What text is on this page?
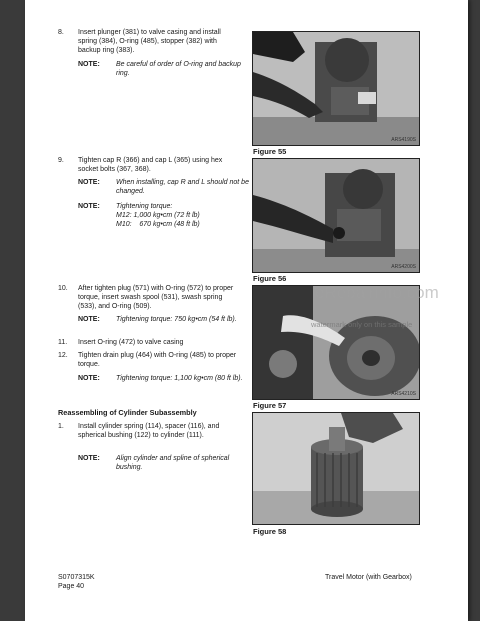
8. Insert plunger (381) to valve casing and install spring (384), O-ring (485), stopper (382) with backup ring (383).
NOTE: Be careful of order of O-ring and backup ring.
9. Tighten cap R (366) and cap L (365) using hex socket bolts (367, 368).
NOTE: When installing, cap R and L should not be changed.
NOTE: Tightening torque:
M12: 1,000 kg•cm (72 ft lb)
M10:    670 kg•cm (48 ft lb)
10. After tighten plug (571) with O-ring (572) to proper torque, insert swash spool (531), swash spring (533), and O-ring (509).
NOTE: Tightening torque: 750 kg•cm (54 ft lb).
11. Insert O-ring (472) to valve casing
12. Tighten drain plug (464) with O-ring (485) to proper torque.
NOTE: Tightening torque: 1,100 kg•cm (80 ft lb).
Reassembling of Cylinder Subassembly
1. Install cylinder spring (114), spacer (116), and spherical bushing (122) to cylinder (111).
NOTE: Align cylinder and spline of spherical bushing.
ARS4190S
Figure 55
ARS4200S
Figure 56
ARS4210S
Figure 57
Figure 58
eRepairinfo.com
watermark only on this sample
S0707315K
Page 40
Travel Motor (with Gearbox)
